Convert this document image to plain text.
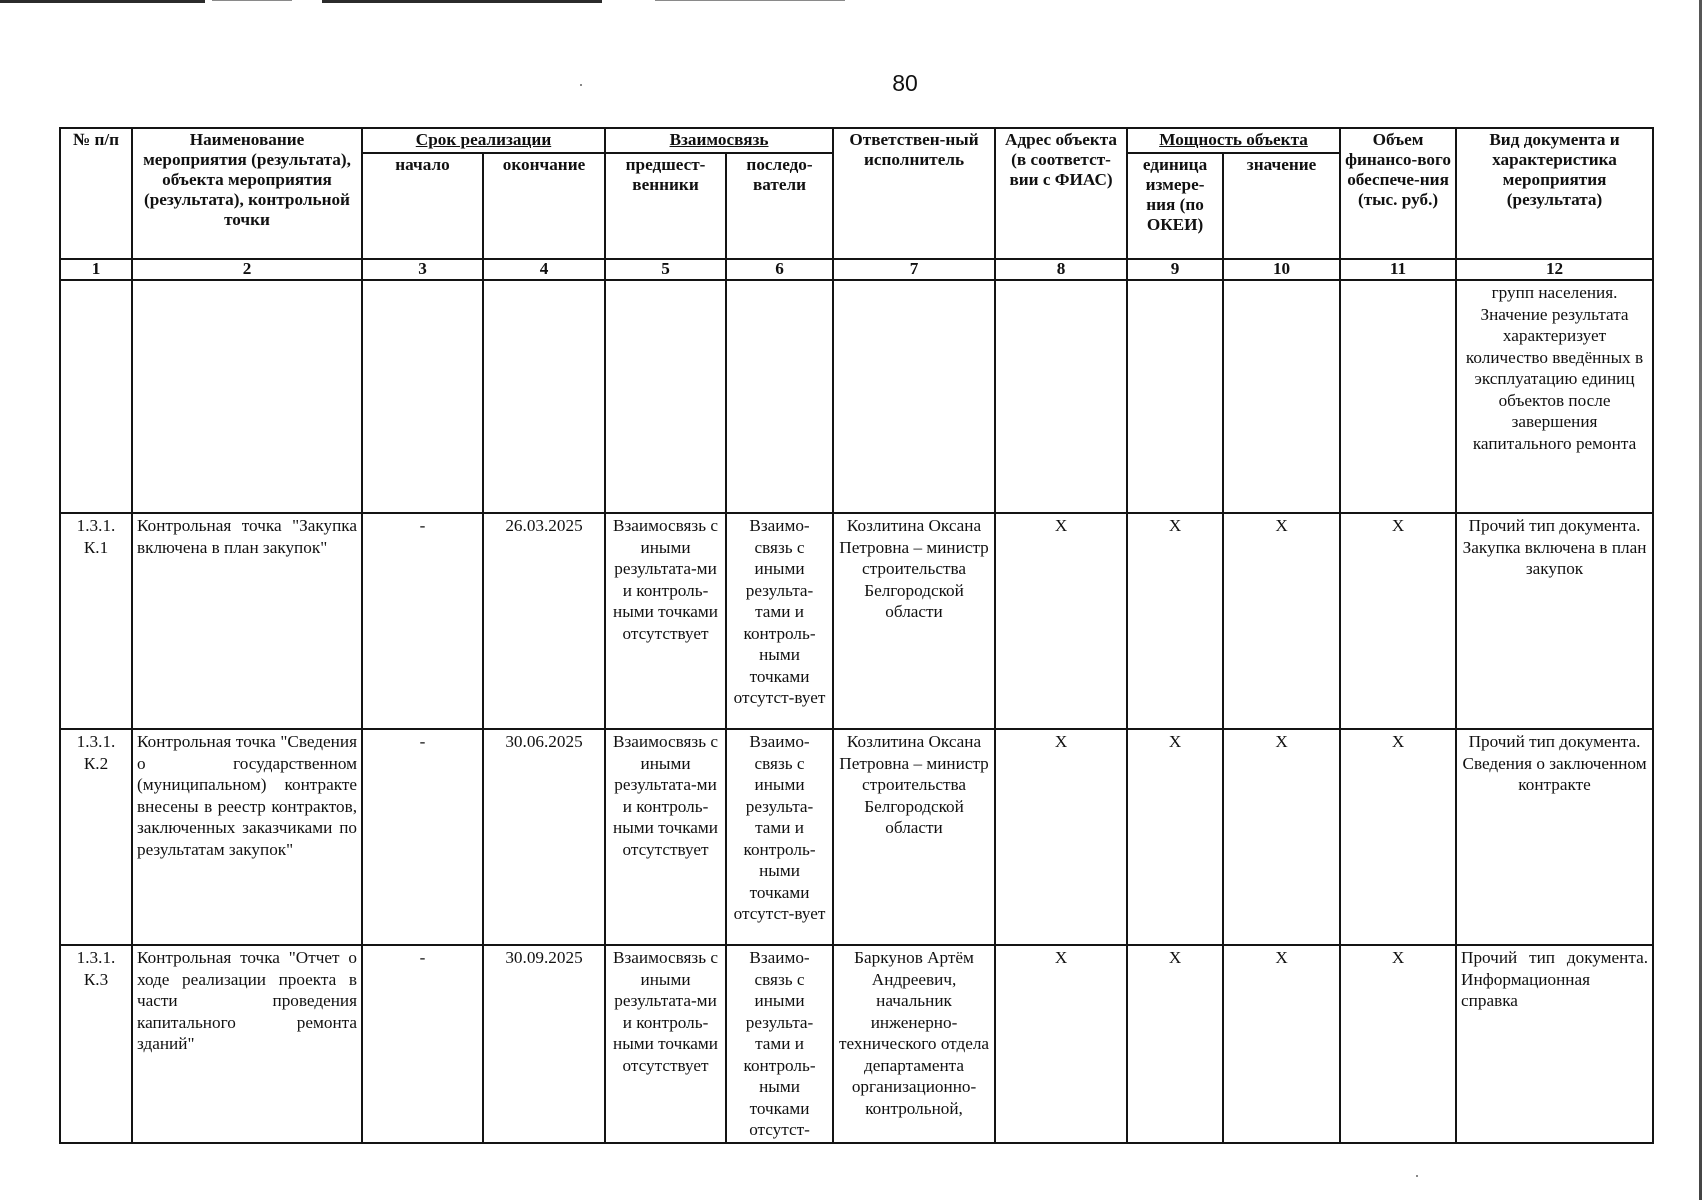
80
№ п/п	Наименование мероприятия (результата), объекта мероприятия (результата), контрольной точки	Срок реализации		Взаимосвязь		Ответствен-ный исполнитель	Адрес объекта (в соответст-вии с ФИАС)	Мощность объекта		Объем финансо-вого обеспече-ния (тыс. руб.)	Вид документа и характеристика мероприятия (результата)
		начало	окончание	предшест-венники	последо-ватели			единица измере-ния (по ОКЕИ)	значение		
1	2	3	4	5	6	7	8	9	10	11	12
											групп населения. Значение результата характеризует количество введённых в эксплуатацию единиц объектов после завершения капитального ремонта
1.3.1. К.1	Контрольная точка "Закупка включена в план закупок"	-	26.03.2025	Взаимосвязь с иными результата-ми и контроль-ными точками отсутствует	Взаимо-связь с иными результа-тами и контроль-ными точками отсутст-вует	Козлитина Оксана Петровна – министр строительства Белгородской области	Х	Х	Х	Х	Прочий тип документа. Закупка включена в план закупок
1.3.1. К.2	Контрольная точка "Сведения о государственном (муниципальном) контракте внесены в реестр контрактов, заключенных заказчиками по результатам закупок"	-	30.06.2025	Взаимосвязь с иными результата-ми и контроль-ными точками отсутствует	Взаимо-связь с иными результа-тами и контроль-ными точками отсутст-вует	Козлитина Оксана Петровна – министр строительства Белгородской области	Х	Х	Х	Х	Прочий тип документа. Сведения о заключенном контракте
1.3.1. К.3	Контрольная точка "Отчет о ходе реализации проекта в части проведения капитального ремонта зданий"	-	30.09.2025	Взаимосвязь с иными результата-ми и контроль-ными точками отсутствует	Взаимо-связь с иными результа-тами и контроль-ными точками отсутст-	Баркунов Артём Андреевич, начальник инженерно-технического отдела департамента организационно-контрольной,	Х	Х	Х	Х	Прочий тип документа. Информационная справка
